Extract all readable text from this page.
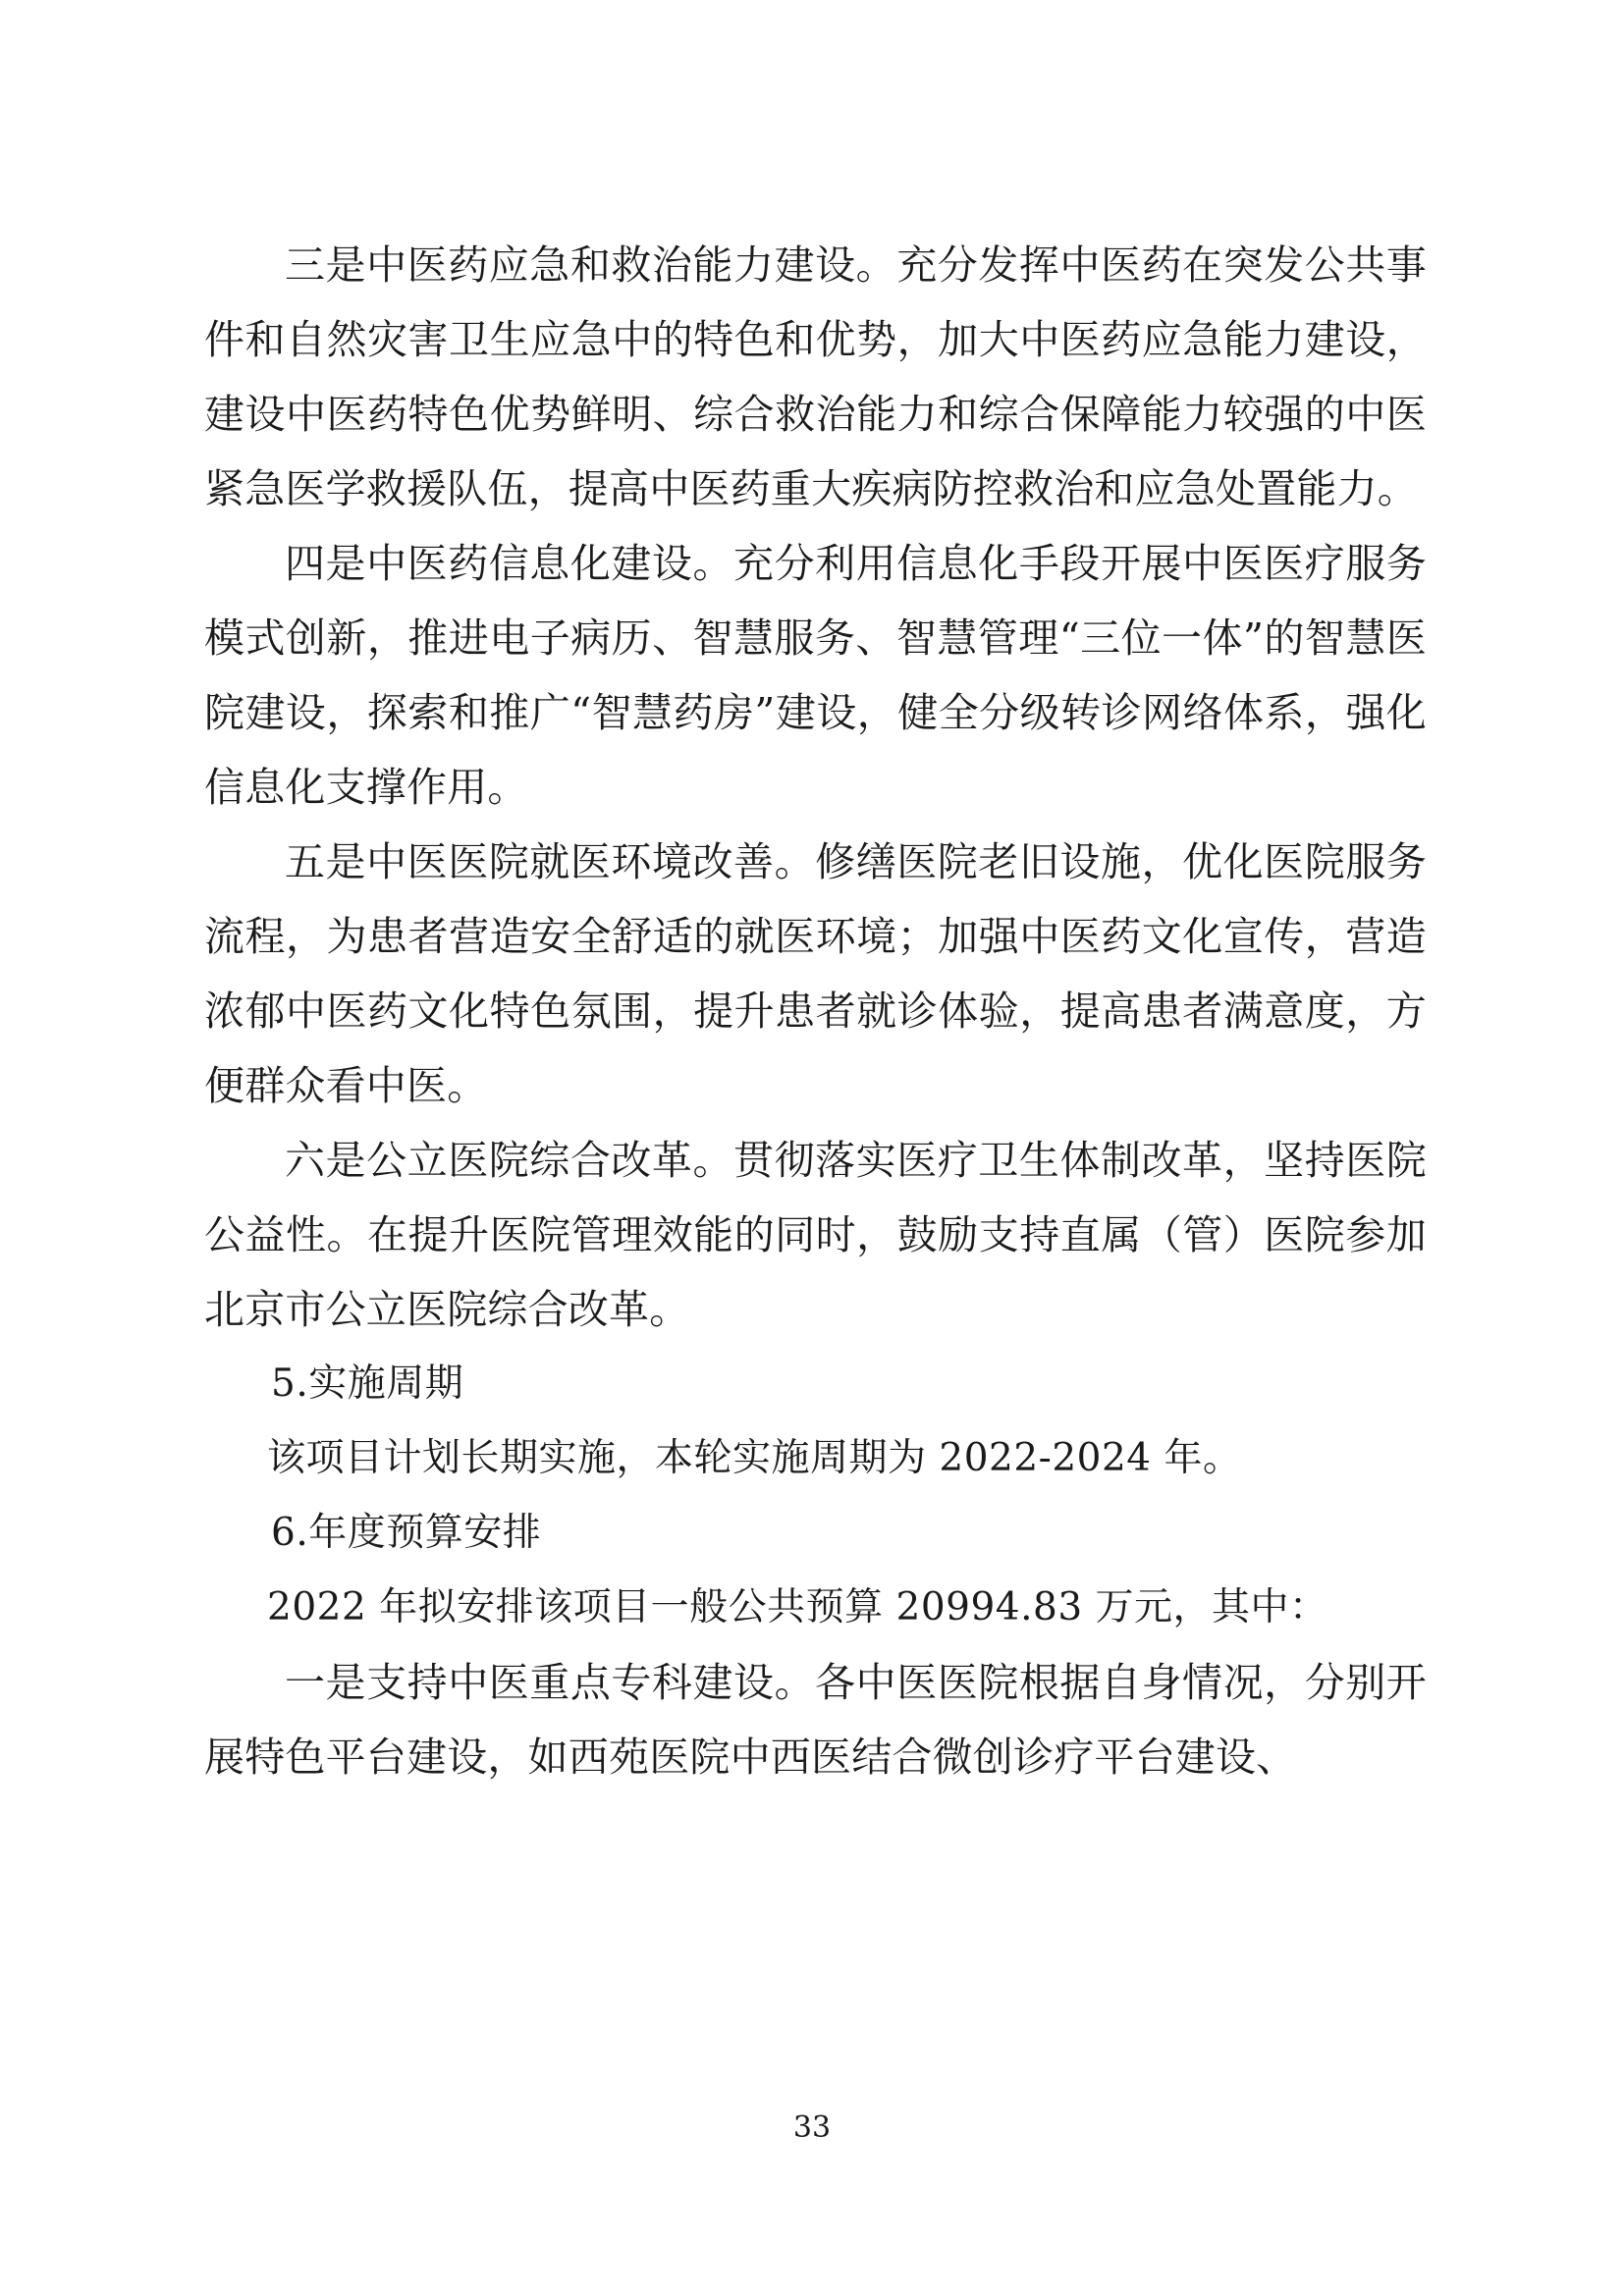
三是中医药应急和救治能力建设。充分发挥中医药在突发公共事件和自然灾害卫生应急中的特色和优势，加大中医药应急能力建设，建设中医药特色优势鲜明、综合救治能力和综合保障能力较强的中医紧急医学救援队伍，提高中医药重大疾病防控救治和应急处置能力。

四是中医药信息化建设。充分利用信息化手段开展中医医疗服务模式创新，推进电子病历、智慧服务、智慧管理“三位一体”的智慧医院建设，探索和推广“智慧药房”建设，健全分级转诊网络体系，强化信息化支撑作用。

五是中医医院就医环境改善。修缮医院老旧设施，优化医院服务流程，为患者营造安全舒适的就医环境；加强中医药文化宣传，营造浓郁中医药文化特色氛围，提升患者就诊体验，提高患者满意度，方便群众看中医。

六是公立医院综合改革。贯彻落实医疗卫生体制改革，坚持医院公益性。在提升医院管理效能的同时，鼓励支持直属（管）医院参加北京市公立医院综合改革。

5.实施周期

该项目计划长期实施，本轮实施周期为 2022-2024 年。

6.年度预算安排

2022 年拟安排该项目一般公共预算 20994.83 万元，其中：

一是支持中医重点专科建设。各中医医院根据自身情况，分别开展特色平台建设，如西苑医院中西医结合微创诊疗平台建设、

33
